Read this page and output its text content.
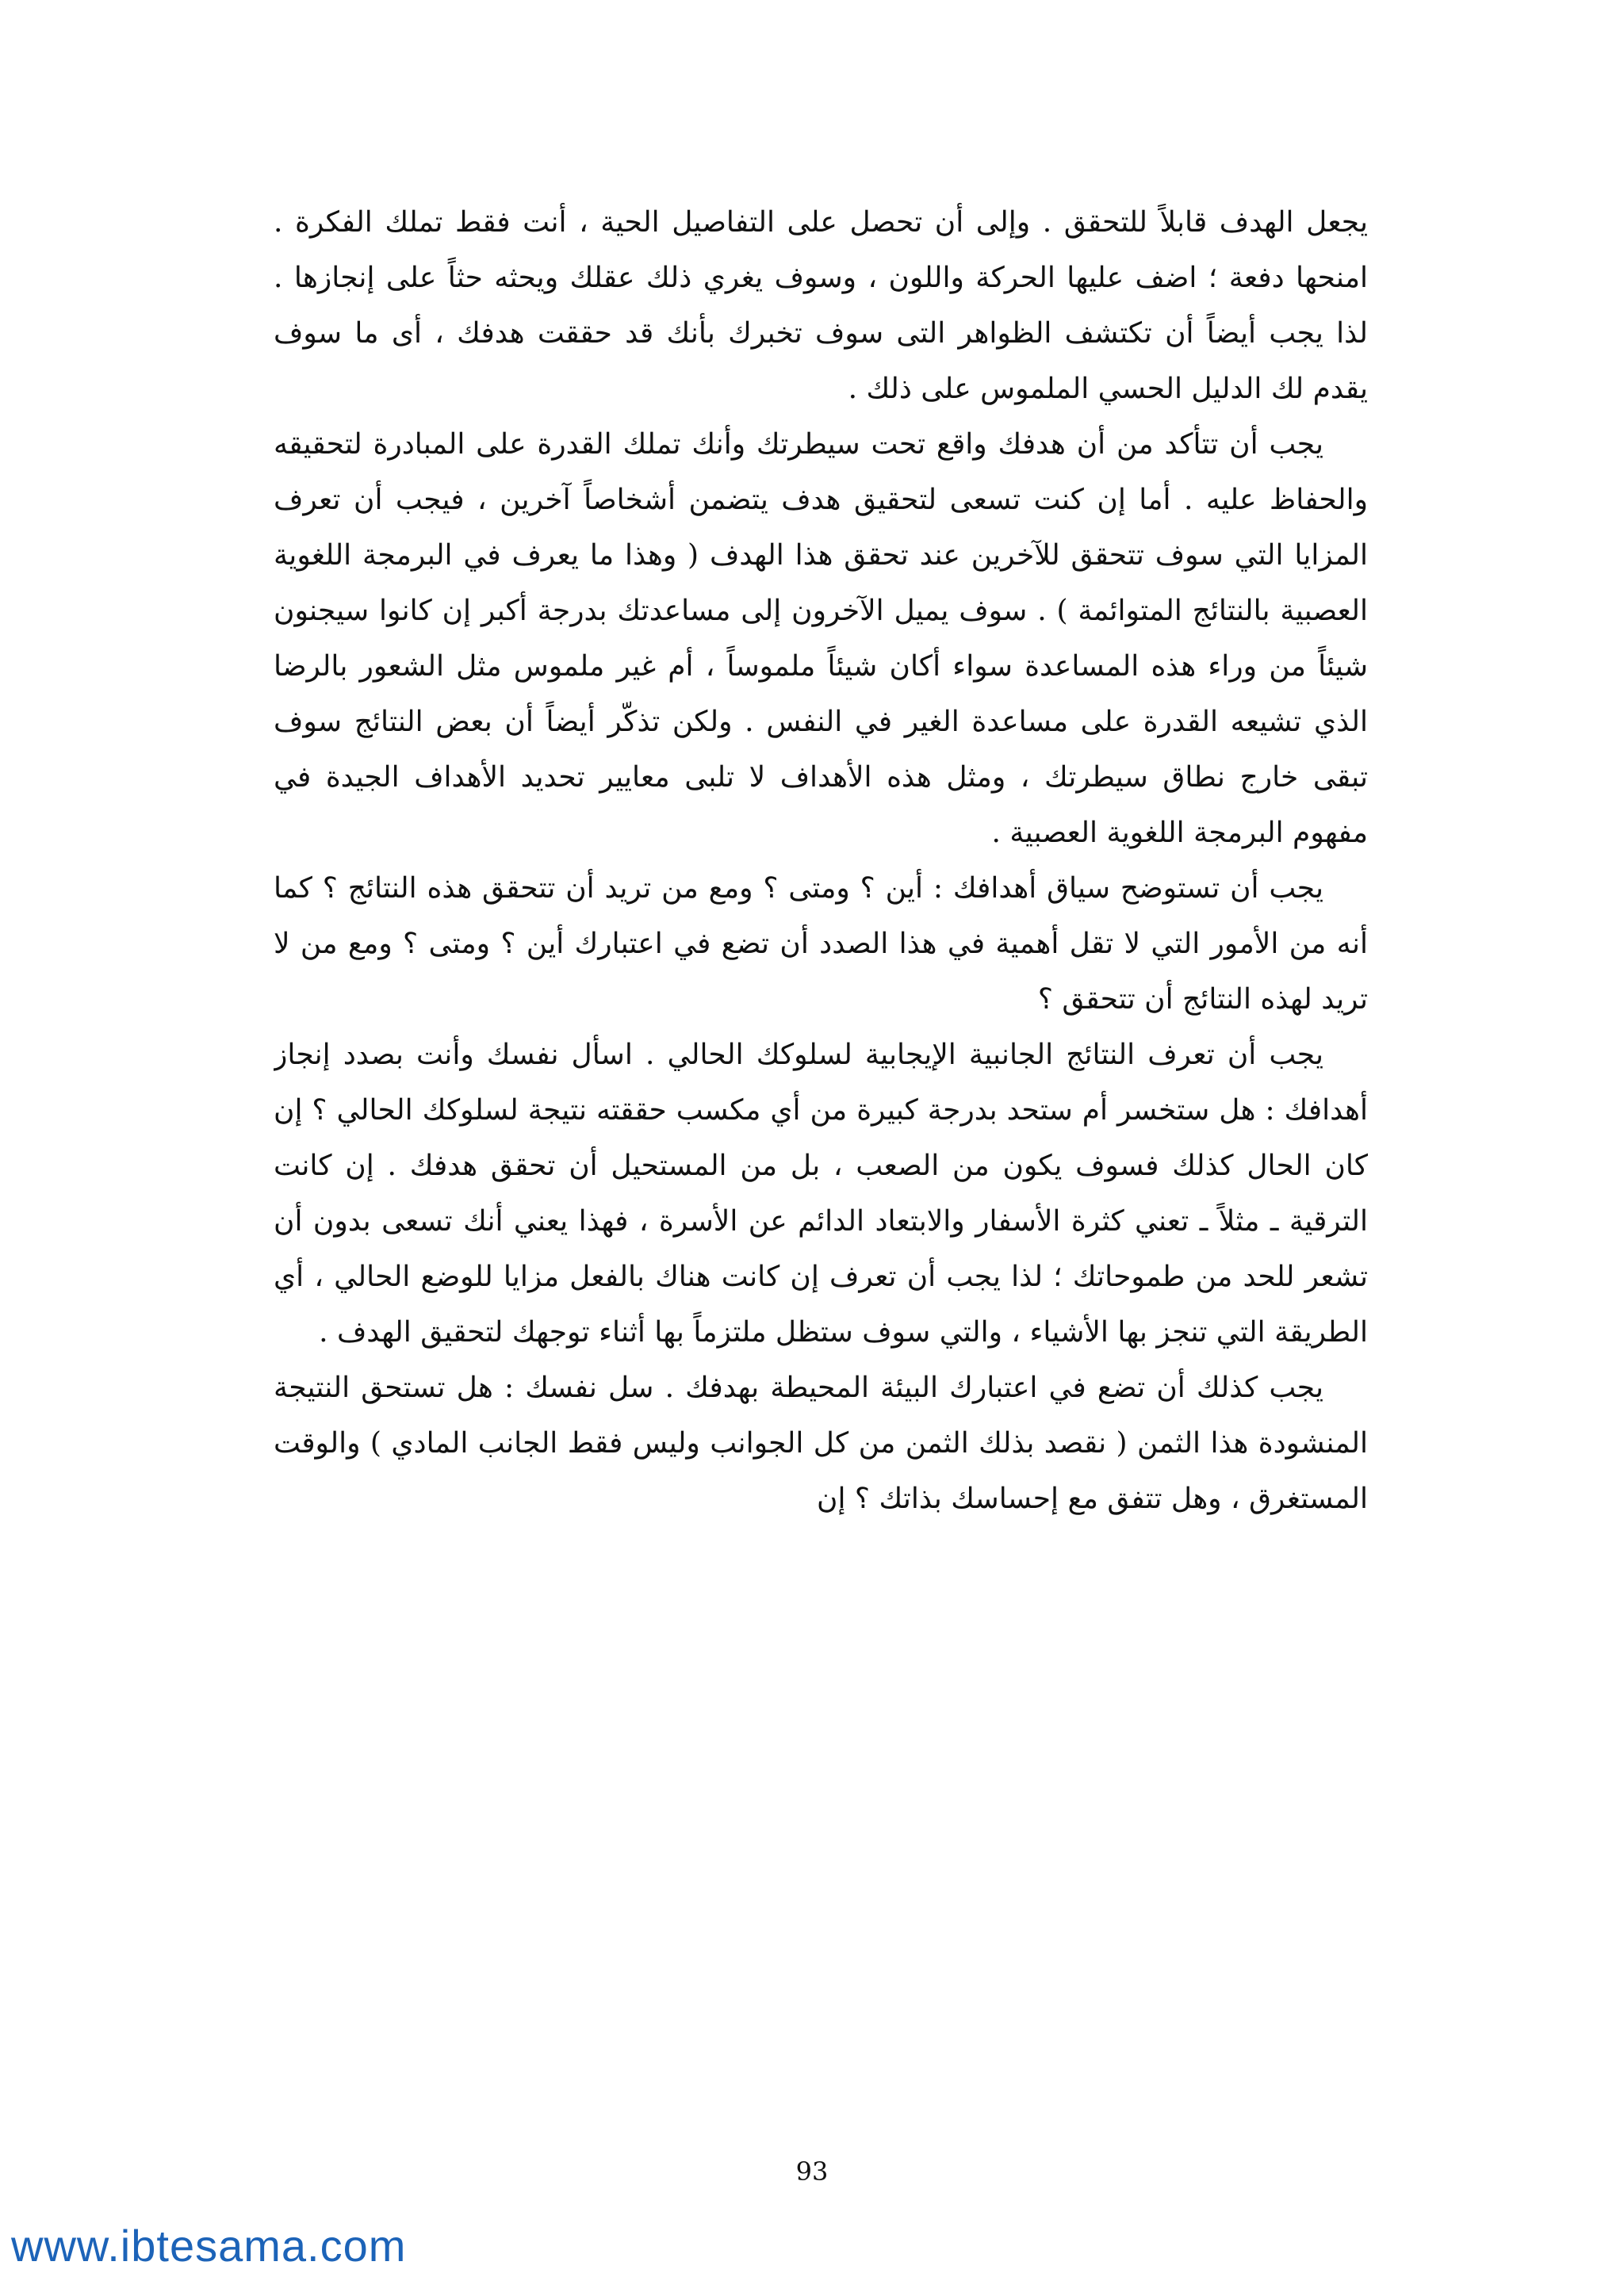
يجعل الهدف قابلاً للتحقق . وإلى أن تحصل على التفاصيل الحية ، أنت فقط تملك الفكرة . امنحها دفعة ؛ اضف عليها الحركة واللون ، وسوف يغري ذلك عقلك ويحثه حثاً على إنجازها . لذا يجب أيضاً أن تكتشف الظواهر التى سوف تخبرك بأنك قد حققت هدفك ، أى ما سوف يقدم لك الدليل الحسي الملموس على ذلك .

يجب أن تتأكد من أن هدفك واقع تحت سيطرتك وأنك تملك القدرة على المبادرة لتحقيقه والحفاظ عليه . أما إن كنت تسعى لتحقيق هدف يتضمن أشخاصاً آخرين ، فيجب أن تعرف المزايا التي سوف تتحقق للآخرين عند تحقق هذا الهدف ( وهذا ما يعرف في البرمجة اللغوية العصبية بالنتائج المتوائمة ) . سوف يميل الآخرون إلى مساعدتك بدرجة أكبر إن كانوا سيجنون شيئاً من وراء هذه المساعدة سواء أكان شيئاً ملموساً ، أم غير ملموس مثل الشعور بالرضا الذي تشيعه القدرة على مساعدة الغير في النفس . ولكن تذكّر أيضاً أن بعض النتائج سوف تبقى خارج نطاق سيطرتك ، ومثل هذه الأهداف لا تلبى معايير تحديد الأهداف الجيدة في مفهوم البرمجة اللغوية العصبية .

يجب أن تستوضح سياق أهدافك : أين ؟ ومتى ؟ ومع من تريد أن تتحقق هذه النتائج ؟ كما أنه من الأمور التي لا تقل أهمية في هذا الصدد أن تضع في اعتبارك أين ؟ ومتى ؟ ومع من لا تريد لهذه النتائج أن تتحقق ؟

يجب أن تعرف النتائج الجانبية الإيجابية لسلوكك الحالي . اسأل نفسك وأنت بصدد إنجاز أهدافك : هل ستخسر أم ستحد بدرجة كبيرة من أي مكسب حققته نتيجة لسلوكك الحالي ؟ إن كان الحال كذلك فسوف يكون من الصعب ، بل من المستحيل أن تحقق هدفك . إن كانت الترقية ـ مثلاً ـ تعني كثرة الأسفار والابتعاد الدائم عن الأسرة ، فهذا يعني أنك تسعى بدون أن تشعر للحد من طموحاتك ؛ لذا يجب أن تعرف إن كانت هناك بالفعل مزايا للوضع الحالي ، أي الطريقة التي تنجز بها الأشياء ، والتي سوف ستظل ملتزماً بها أثناء توجهك لتحقيق الهدف .

يجب كذلك أن تضع في اعتبارك البيئة المحيطة بهدفك . سل نفسك : هل تستحق النتيجة المنشودة هذا الثمن ( نقصد بذلك الثمن من كل الجوانب وليس فقط الجانب المادي ) والوقت المستغرق ، وهل تتفق مع إحساسك بذاتك ؟ إن

93
www.ibtesama.com
